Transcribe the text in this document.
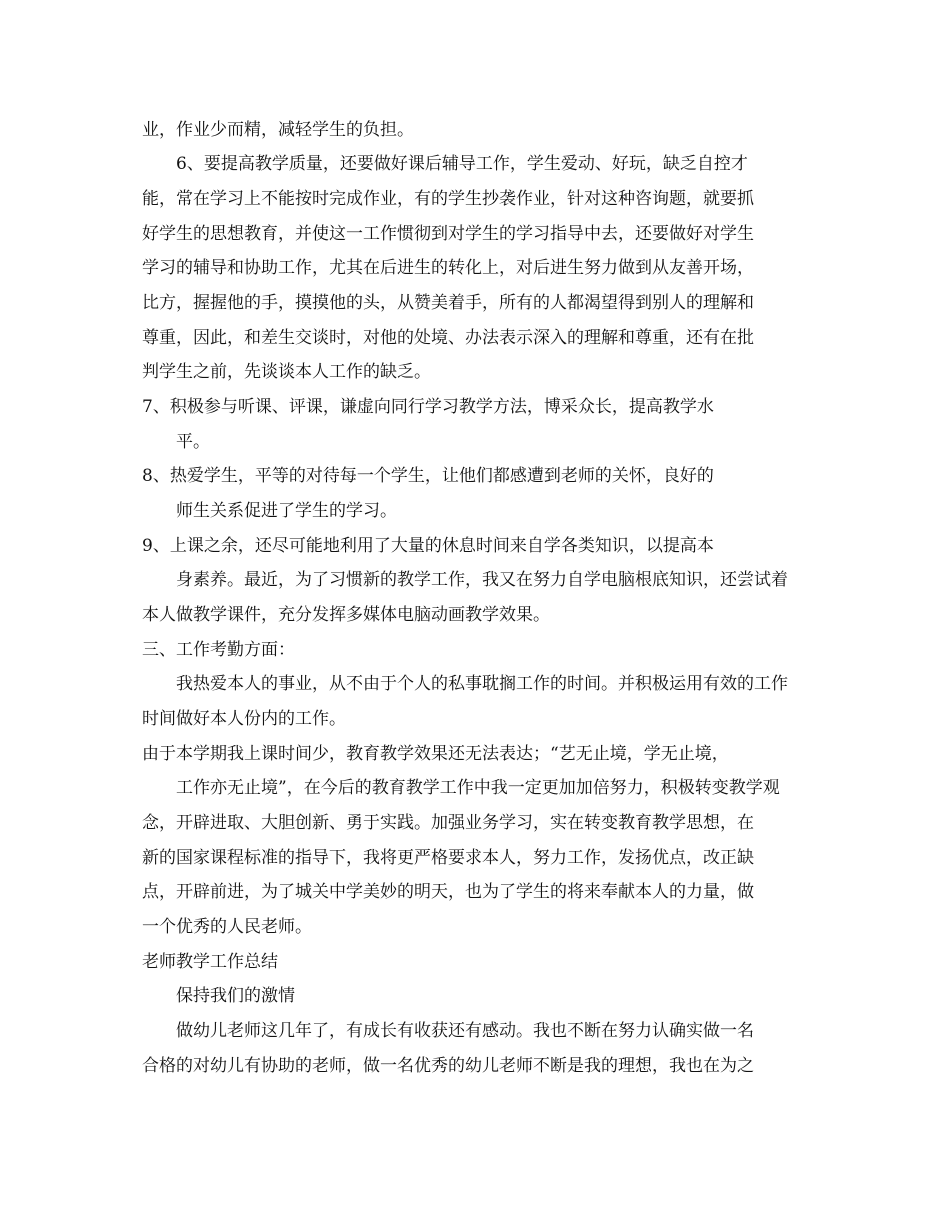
业，作业少而精，减轻学生的负担。
6、要提高教学质量，还要做好课后辅导工作，学生爱动、好玩，缺乏自控才
能，常在学习上不能按时完成作业，有的学生抄袭作业，针对这种咨询题，就要抓
好学生的思想教育，并使这一工作惯彻到对学生的学习指导中去，还要做好对学生
学习的辅导和协助工作，尤其在后进生的转化上，对后进生努力做到从友善开场，
比方，握握他的手，摸摸他的头，从赞美着手，所有的人都渴望得到别人的理解和
尊重，因此，和差生交谈时，对他的处境、办法表示深入的理解和尊重，还有在批
判学生之前，先谈谈本人工作的缺乏。
7、积极参与听课、评课，谦虚向同行学习教学方法，博采众长，提高教学水
平。
8、热爱学生，平等的对待每一个学生，让他们都感遭到老师的关怀，良好的
师生关系促进了学生的学习。
9、上课之余，还尽可能地利用了大量的休息时间来自学各类知识，以提高本
身素养。最近，为了习惯新的教学工作，我又在努力自学电脑根底知识，还尝试着
本人做教学课件，充分发挥多媒体电脑动画教学效果。
三、工作考勤方面：
我热爱本人的事业，从不由于个人的私事耽搁工作的时间。并积极运用有效的工作
时间做好本人份内的工作。
由于本学期我上课时间少，教育教学效果还无法表达；“艺无止境，学无止境，
工作亦无止境”，在今后的教育教学工作中我一定更加加倍努力，积极转变教学观
念，开辟进取、大胆创新、勇于实践。加强业务学习，实在转变教育教学思想，在
新的国家课程标准的指导下，我将更严格要求本人，努力工作，发扬优点，改正缺
点，开辟前进，为了城关中学美妙的明天，也为了学生的将来奉献本人的力量，做
一个优秀的人民老师。
老师教学工作总结
保持我们的激情
做幼儿老师这几年了，有成长有收获还有感动。我也不断在努力认确实做一名
合格的对幼儿有协助的老师，做一名优秀的幼儿老师不断是我的理想，我也在为之
